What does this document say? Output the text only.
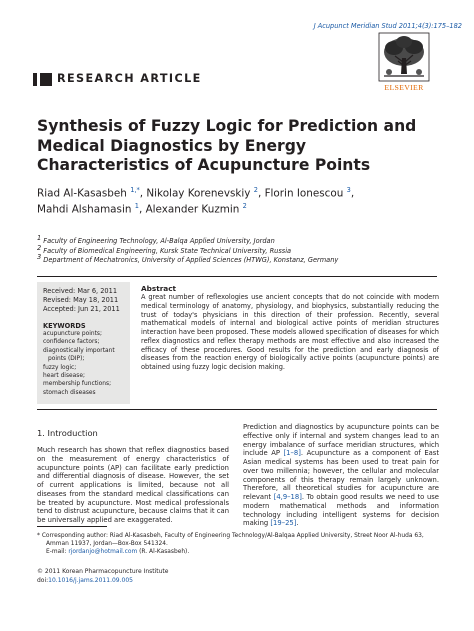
J Acupunct Meridian Stud 2011;4(3):175–182
ELSEVIER
RESEARCH ARTICLE
Synthesis of Fuzzy Logic for Prediction and Medical Diagnostics by Energy Characteristics of Acupuncture Points
Riad Al-Kasasbeh $^{1,*}$, Nikolay Korenevskiy $^2$, Florin Ionescou $^3$,
Mahdi Alshamasin $^1$, Alexander Kuzmin $^2$
$^1$ Faculty of Engineering Technology, Al-Balqa Applied University, Jordan
$^2$ Faculty of Biomedical Engineering, Kursk State Technical University, Russia
$^3$ Department of Mechatronics, University of Applied Sciences (HTWG), Konstanz, Germany
Received: Mar 6, 2011
Revised: May 18, 2011
Accepted: Jun 21, 2011
KEYWORDS
acupuncture points;
confidence factors;
diagnostically important
points (DIP);
fuzzy logic;
heart disease;
membership functions;
stomach diseases
Abstract
A great number of reflexologies use ancient concepts that do not coincide with modern medical terminology of anatomy, physiology, and biophysics, substantially reducing the trust of today's physicians in this direction of their profession. Recently, several mathematical models of internal and biological active points of meridian structures interaction have been proposed. These models allowed specification of diseases for which reflex diagnostics and reflex therapy methods are most effective and also increased the efficacy of these procedures. Good results for the prediction and early diagnosis of diseases from the reaction energy of biologically active points (acupuncture points) are obtained using fuzzy logic decision making.
1. Introduction
Much research has shown that reflex diagnostics based on the measurement of energy characteristics of acupuncture points (AP) can facilitate early prediction and differential diagnosis of disease. However, the set of current applications is limited, because not all diseases from the standard medical classifications can be treated by acupuncture. Most medical professionals tend to distrust acupuncture, because claims that it can be universally applied are exaggerated.
Prediction and diagnostics by acupuncture points can be effective only if internal and system changes lead to an energy imbalance of surface meridian structures, which include AP [1–8]. Acupuncture as a component of East Asian medical systems has been used to treat pain for over two millennia; however, the cellular and molecular components of this therapy remain largely unknown. Therefore, all theoretical studies for acupuncture are relevant [4,9–18]. To obtain good results we need to use modern mathematical methods and information technology including intelligent systems for decision making [19–25].
* Corresponding author: Riad Al-Kasasbeh, Faculty of Engineering Technology/Al-Balqaa Applied University, Street Noor Al-huda 63,
Amman 11937, Jordan—Box-Box 541324.
E-mail: rjordanjo@hotmail.com (R. Al-Kasasbeh).
© 2011 Korean Pharmacopuncture Institute
doi:10.1016/j.jams.2011.09.005
